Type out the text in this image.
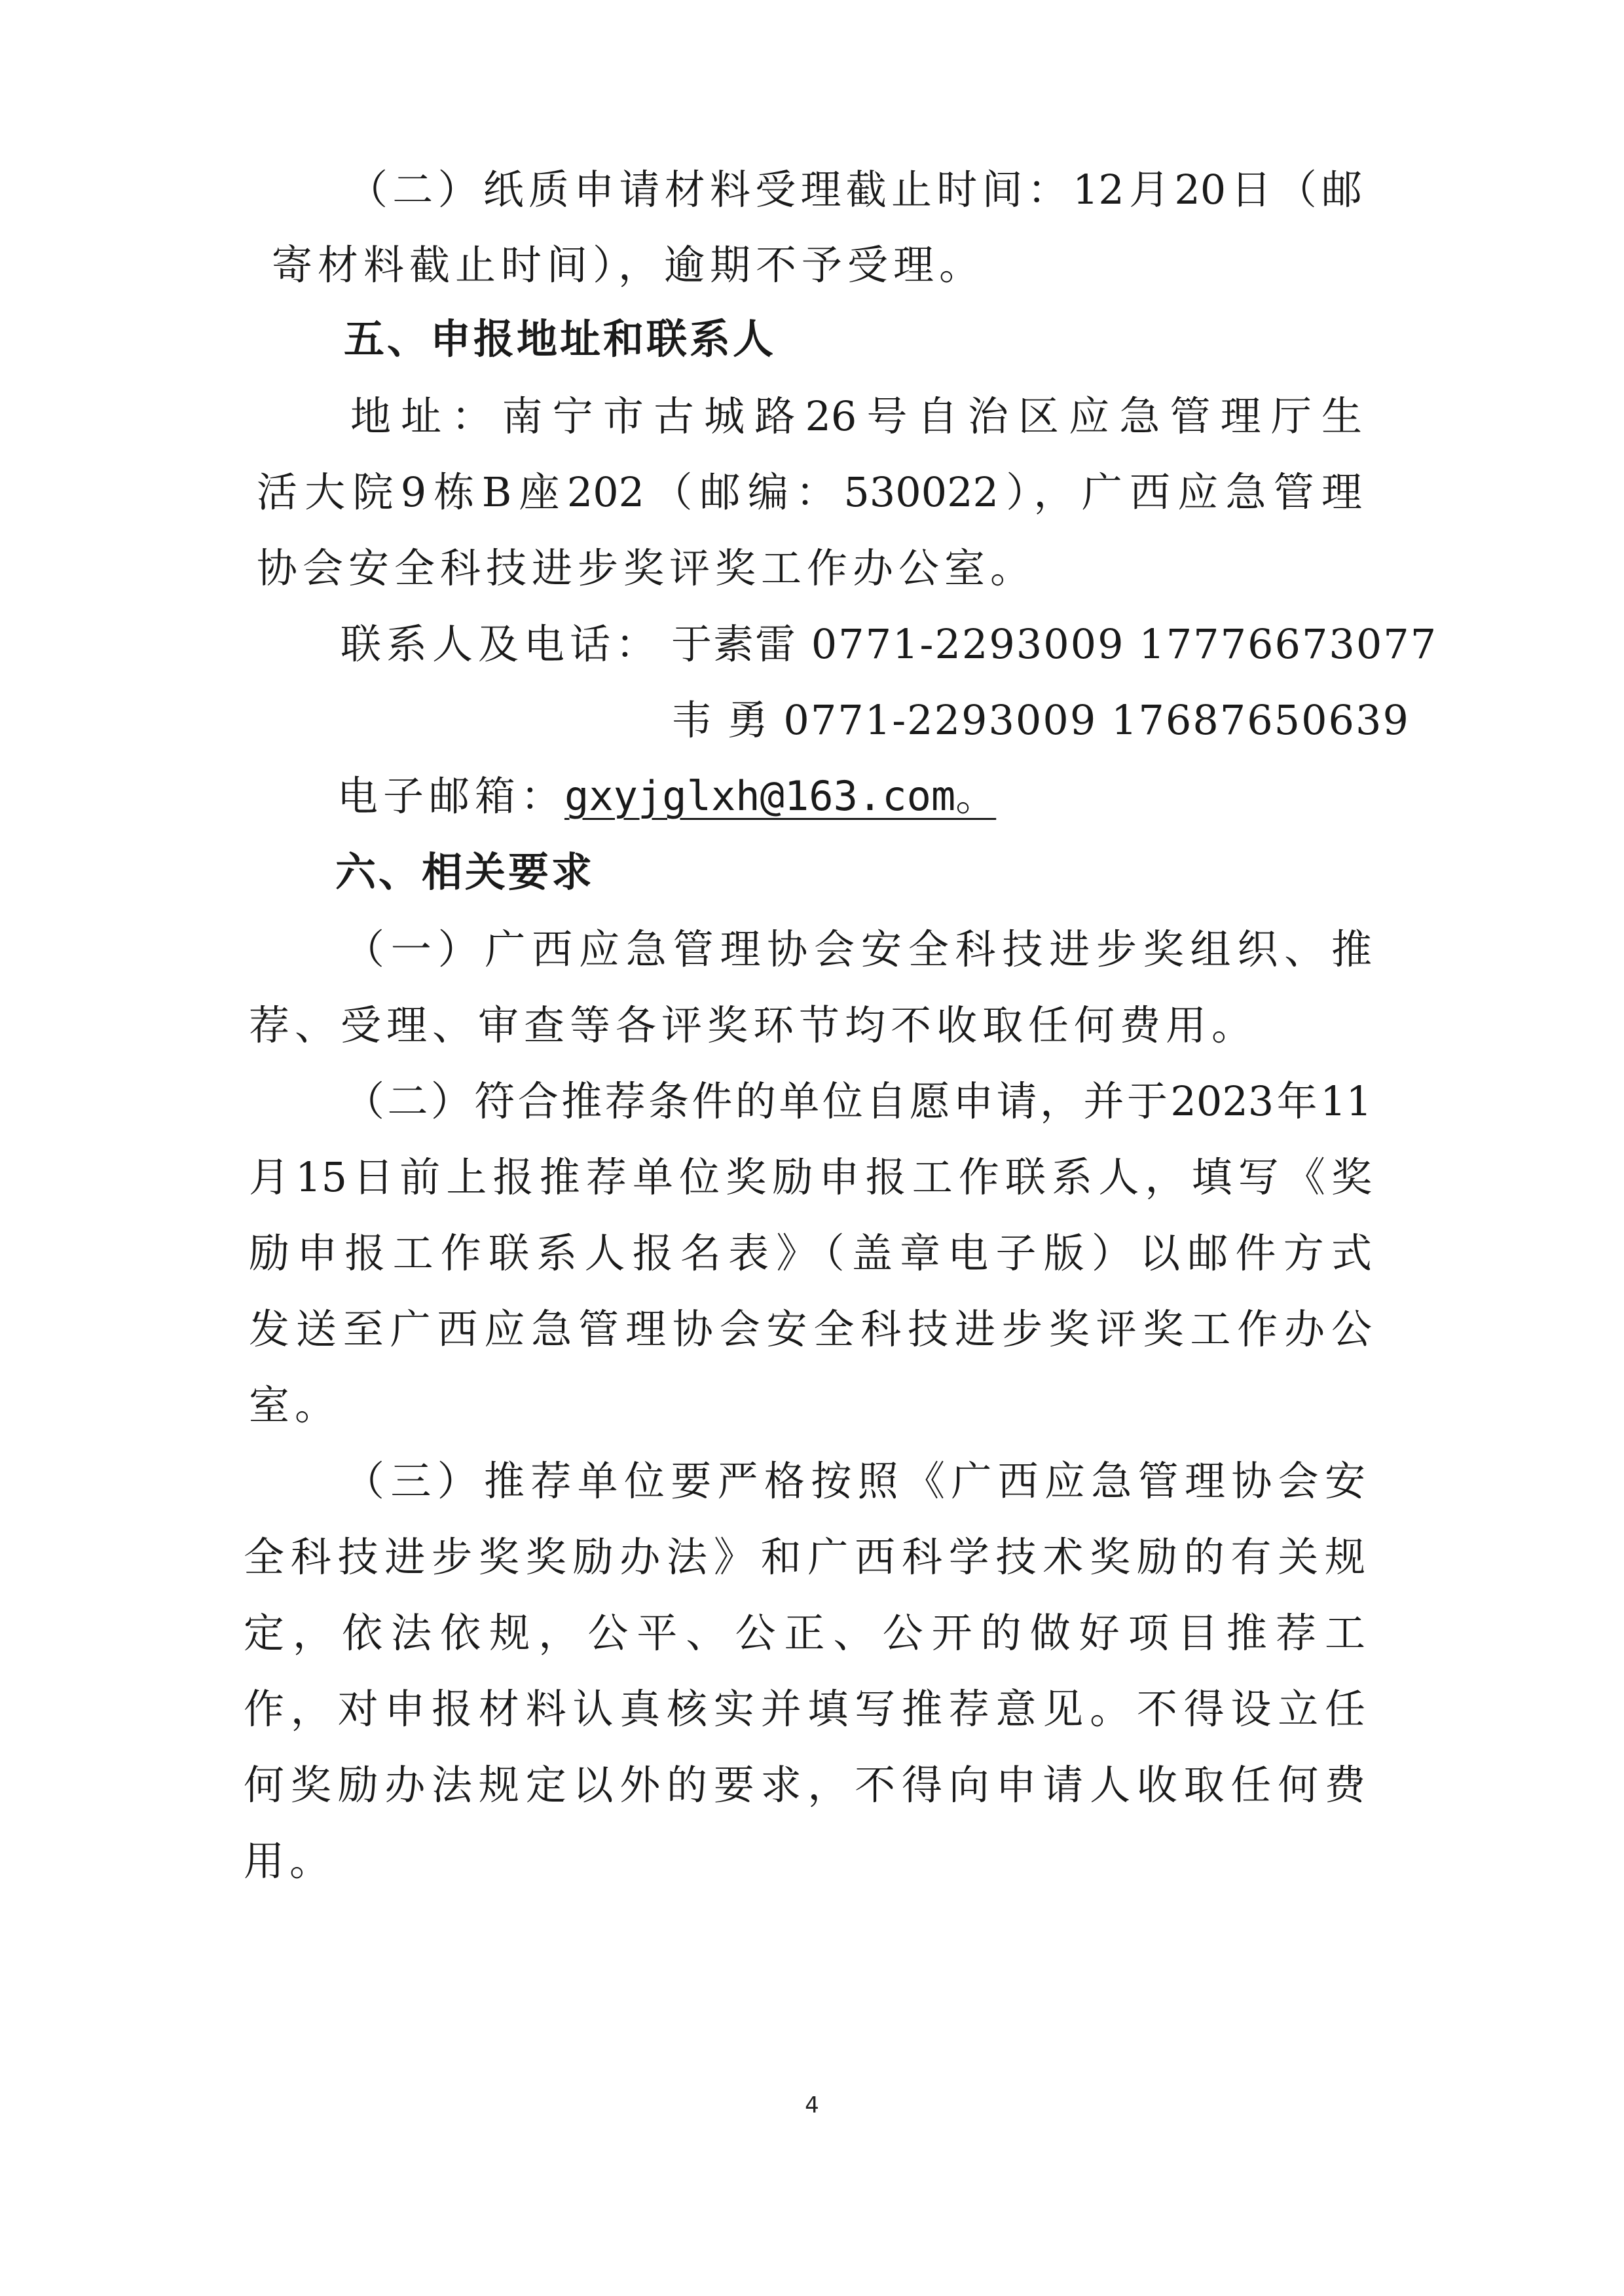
（二）纸质申请材料受理截止时间：12月20日（邮
寄材料截止时间），逾期不予受理。
五、申报地址和联系人
地址：南宁市古城路26号自治区应急管理厅生
活大院9栋B座202（邮编：530022），广西应急管理
协会安全科技进步奖评奖工作办公室。
联系人及电话： 于素雷 0771-2293009 17776673077
韦 勇 0771-2293009 17687650639
电子邮箱：
gxyjglxh@163.com。
六、相关要求
（一）广西应急管理协会安全科技进步奖组织、推
荐、受理、审查等各评奖环节均不收取任何费用。
（二）符合推荐条件的单位自愿申请，并于2023年11
月15日前上报推荐单位奖励申报工作联系人，填写《奖
励申报工作联系人报名表》（盖章电子版）以邮件方式
发送至广西应急管理协会安全科技进步奖评奖工作办公
室。
（三）推荐单位要严格按照《广西应急管理协会安
全科技进步奖奖励办法》和广西科学技术奖励的有关规
定，依法依规，公平、公正、公开的做好项目推荐工
作，对申报材料认真核实并填写推荐意见。不得设立任
何奖励办法规定以外的要求，不得向申请人收取任何费
用。
4
